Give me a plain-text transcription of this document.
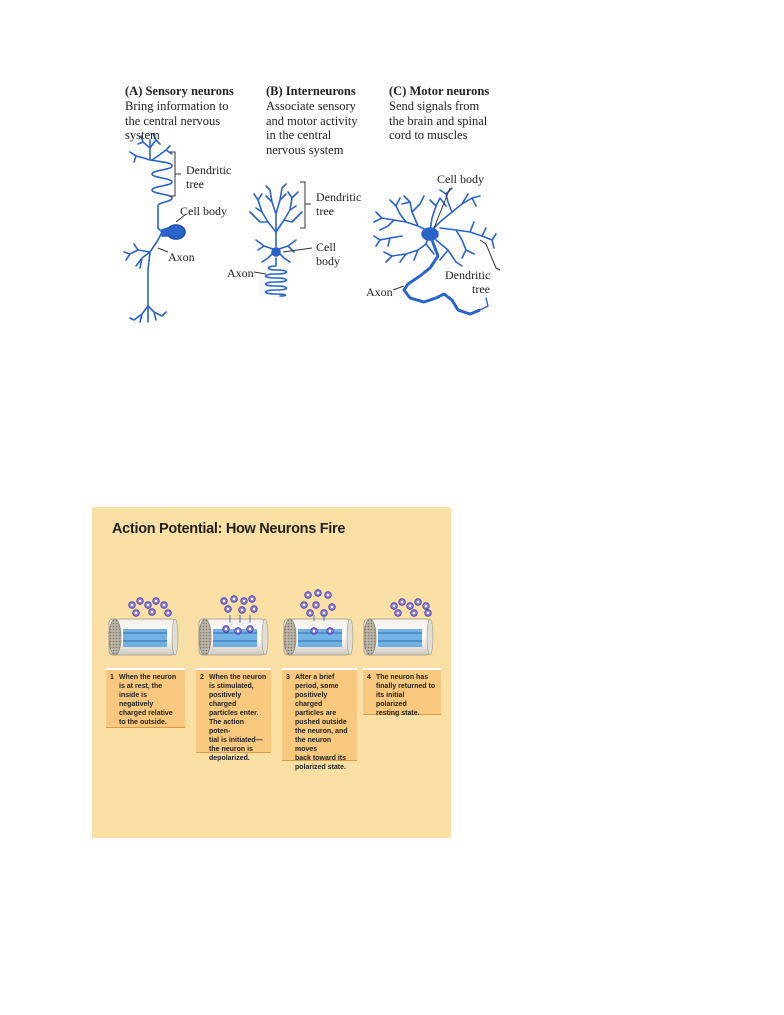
(A) Sensory neurons

Bring information to

the central nervous

system

(B) Interneurons

Associate sensory

and motor activity

in the central

nervous system

(C) Motor neurons

Send signals from

the brain and spinal

cord to muscles

Dendritic
tree
Cell body
Axon
Dendritic
tree
Cell
body
Axon
Cell body
Dendritic
tree
Axon
Action Potential: How Neurons Fire
1 When the neuron
is at rest, the
inside is negatively
charged relative
to the outside.
2 When the neuron
is stimulated,
positively charged
particles enter.
The action poten-
tial is initiated—
the neuron is
depolarized.
3 After a brief
period, some
positively charged
particles are
pushed outside
the neuron, and
the neuron moves
back toward its
polarized state.
4 The neuron has
finally returned to
its initial polarized
resting state.
